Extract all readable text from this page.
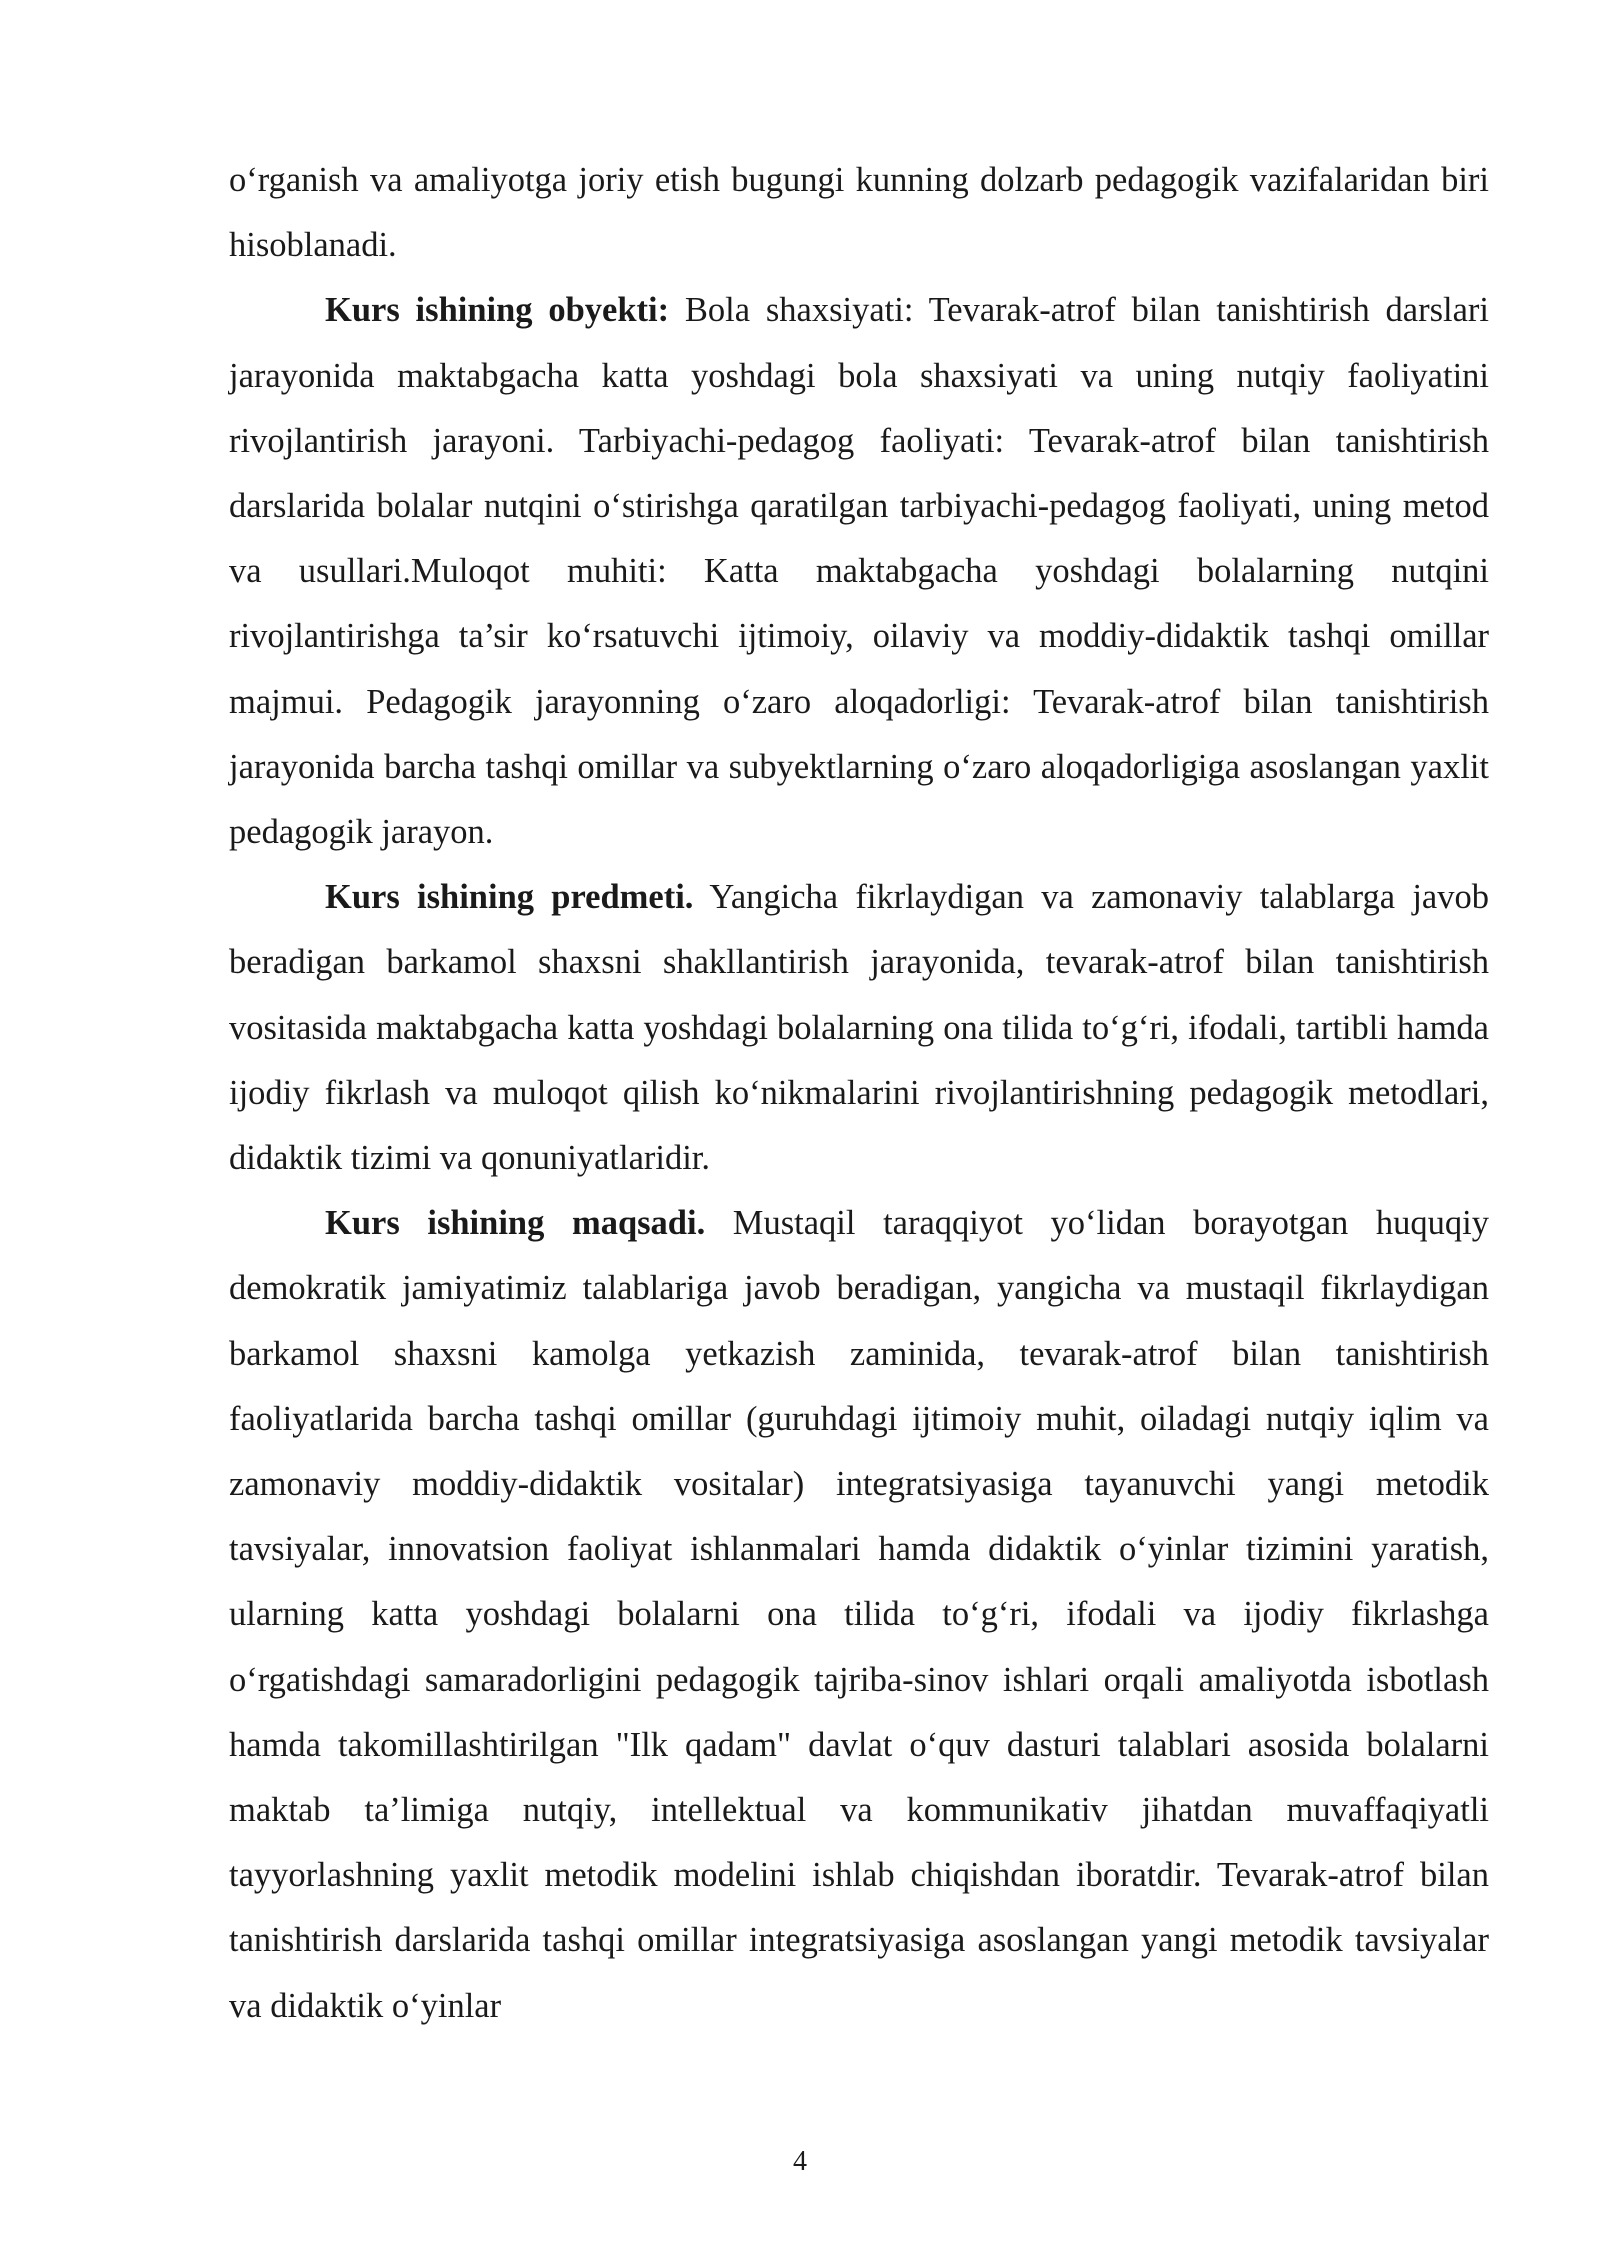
o‘rganish va amaliyotga joriy etish bugungi kunning dolzarb pedagogik vazifalaridan biri hisoblanadi.

Kurs ishining obyekti: Bola shaxsiyati: Tevarak-atrof bilan tanishtirish darslari jarayonida maktabgacha katta yoshdagi bola shaxsiyati va uning nutqiy faoliyatini rivojlantirish jarayoni. Tarbiyachi-pedagog faoliyati: Tevarak-atrof bilan tanishtirish darslarida bolalar nutqini o‘stirishga qaratilgan tarbiyachi-pedagog faoliyati, uning metod va usullari.Muloqot muhiti: Katta maktabgacha yoshdagi bolalarning nutqini rivojlantirishga ta’sir ko‘rsatuvchi ijtimoiy, oilaviy va moddiy-didaktik tashqi omillar majmui. Pedagogik jarayonning o‘zaro aloqadorligi: Tevarak-atrof bilan tanishtirish jarayonida barcha tashqi omillar va subyektlarning o‘zaro aloqadorligiga asoslangan yaxlit pedagogik jarayon.

Kurs ishining predmeti. Yangicha fikrlaydigan va zamonaviy talablarga javob beradigan barkamol shaxsni shakllantirish jarayonida, tevarak-atrof bilan tanishtirish vositasida maktabgacha katta yoshdagi bolalarning ona tilida to‘g‘ri, ifodali, tartibli hamda ijodiy fikrlash va muloqot qilish ko‘nikmalarini rivojlantirishning pedagogik metodlari, didaktik tizimi va qonuniyatlaridir.

Kurs ishining maqsadi. Mustaqil taraqqiyot yo‘lidan borayotgan huquqiy demokratik jamiyatimiz talablariga javob beradigan, yangicha va mustaqil fikrlaydigan barkamol shaxsni kamolga yetkazish zaminida, tevarak-atrof bilan tanishtirish faoliyatlarida barcha tashqi omillar (guruhdagi ijtimoiy muhit, oiladagi nutqiy iqlim va zamonaviy moddiy-didaktik vositalar) integratsiyasiga tayanuvchi yangi metodik tavsiyalar, innovatsion faoliyat ishlanmalari hamda didaktik o‘yinlar tizimini yaratish, ularning katta yoshdagi bolalarni ona tilida to‘g‘ri, ifodali va ijodiy fikrlashga o‘rgatishdagi samaradorligini pedagogik tajriba-sinov ishlari orqali amaliyotda isbotlash hamda takomillashtirilgan "Ilk qadam" davlat o‘quv dasturi talablari asosida bolalarni maktab ta’limiga nutqiy, intellektual va kommunikativ jihatdan muvaffaqiyatli tayyorlashning yaxlit metodik modelini ishlab chiqishdan iboratdir. Tevarak-atrof bilan tanishtirish darslarida tashqi omillar integratsiyasiga asoslangan yangi metodik tavsiyalar va didaktik o‘yinlar

4
